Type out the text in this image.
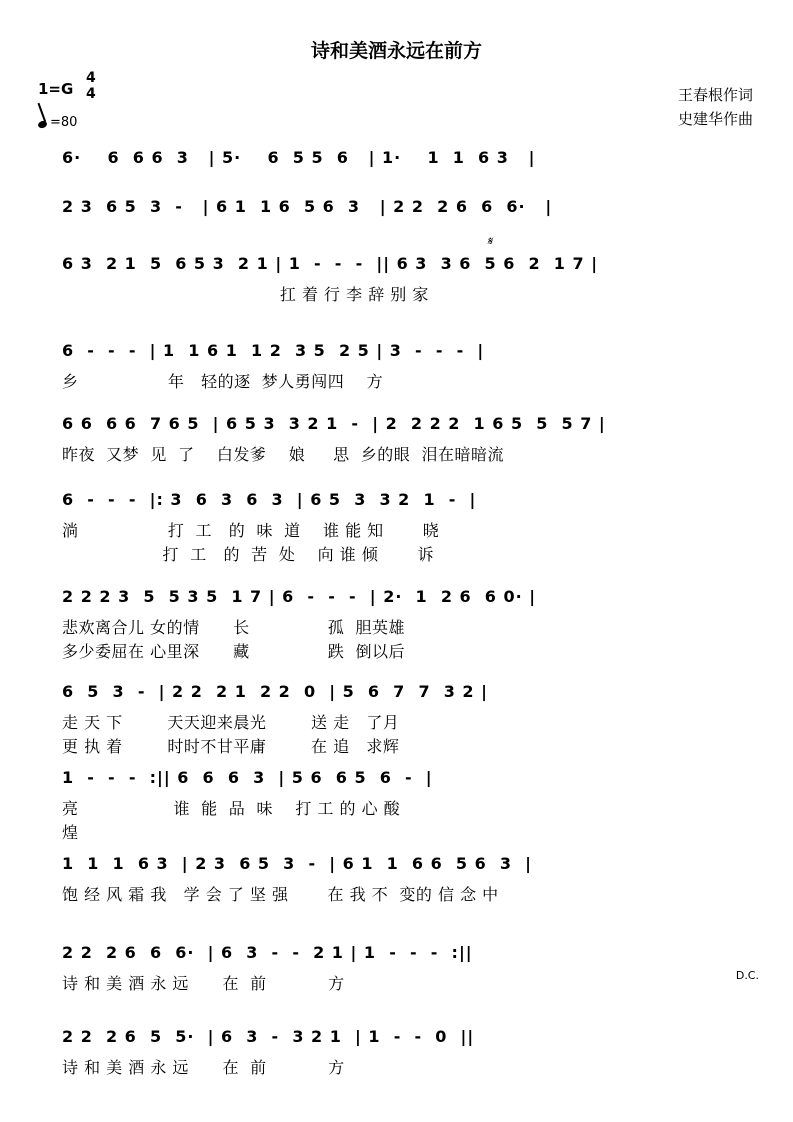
诗和美酒永远在前方
1=G
4
4
=80
王春根作词
史建华作曲
6·    6  6 6  3   | 5·    6  5 5  6   | 1·    1  1  6 3   |
2 3  6 5  3  -   | 6 1  1 6  5 6  3   | 2 2  2 6  6  6·   |
6 3  2 1  5  6 5 3  2 1 | 1  -  -  -  || 6 3  3 6  5 6  2  1 7 |
扛 着 行 李 辞 别 家
𝄋
6  -  -  -  | 1  1 6 1  1 2  3 5  2 5 | 3  -  -  -  |
乡                年   轻的逐  梦人勇闯四    方
6 6  6 6  7 6 5  | 6 5 3  3 2 1  -  | 2  2 2 2  1 6 5  5  5 7 |
昨夜  又梦  见  了    白发爹    娘     思  乡的眼  泪在暗暗流
6  -  -  -  |: 3  6  3  6  3  | 6 5  3  3 2  1  -  |
淌                打  工   的  味  道    谁 能 知       晓
打  工   的  苦  处    向 谁 倾       诉
2 2 2 3  5  5 3 5  1 7 | 6  -  -  -  | 2·  1  2 6  6 0· |
悲欢离合儿 女的情      长              孤  胆英雄
多少委屈在 心里深      藏              跌  倒以后
6  5  3  -  | 2 2  2 1  2 2  0  | 5  6  7  7  3 2 |
走 天 下        天天迎来晨光        送 走   了月
更 执 着        时时不甘平庸        在 追   求辉
1  -  -  -  :|| 6  6  6  3  | 5 6  6 5  6  -  |
亮                 谁  能  品  味    打 工 的 心 酸
煌
1  1  1  6 3  | 2 3  6 5  3  -  | 6 1  1  6 6  5 6  3  |
饱 经 风 霜 我   学 会 了 坚 强       在 我 不  变的 信 念 中
2 2  2 6  6  6·  | 6  3  -  -  2 1 | 1  -  -  -  :||
诗 和 美 酒 永 远      在  前           方	D.C.
2 2  2 6  5  5·  | 6  3  -  3 2 1  | 1  -  -  0  ||
诗 和 美 酒 永 远      在  前           方
